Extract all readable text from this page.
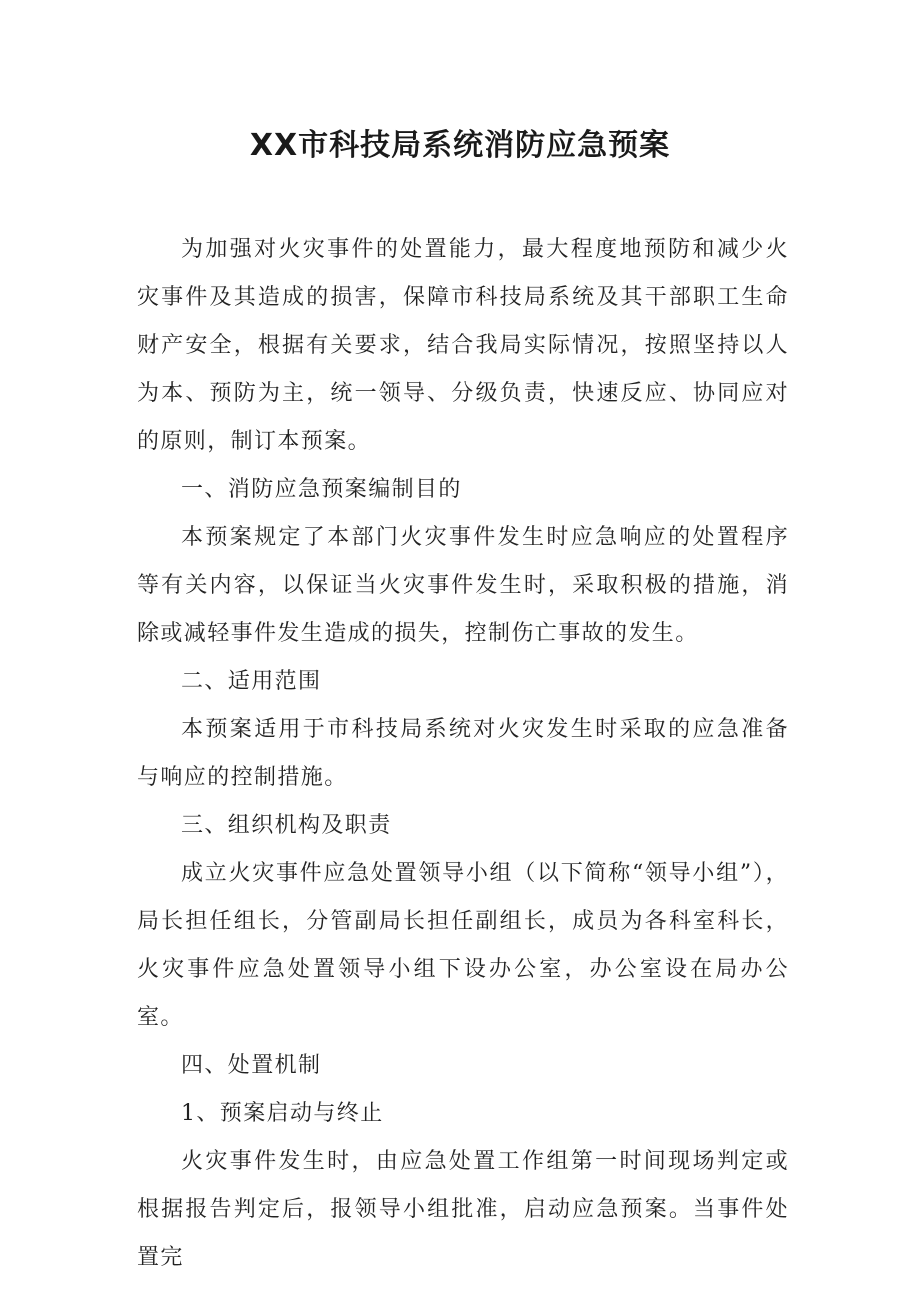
XX市科技局系统消防应急预案

为加强对火灾事件的处置能力，最大程度地预防和减少火灾事件及其造成的损害，保障市科技局系统及其干部职工生命财产安全，根据有关要求，结合我局实际情况，按照坚持以人为本、预防为主，统一领导、分级负责，快速反应、协同应对的原则，制订本预案。

一、消防应急预案编制目的

本预案规定了本部门火灾事件发生时应急响应的处置程序等有关内容，以保证当火灾事件发生时，采取积极的措施，消除或减轻事件发生造成的损失，控制伤亡事故的发生。

二、适用范围

本预案适用于市科技局系统对火灾发生时采取的应急准备与响应的控制措施。

三、组织机构及职责

成立火灾事件应急处置领导小组（以下简称“领导小组”），局长担任组长，分管副局长担任副组长，成员为各科室科长，火灾事件应急处置领导小组下设办公室，办公室设在局办公室。

四、处置机制

1、预案启动与终止

火灾事件发生时，由应急处置工作组第一时间现场判定或根据报告判定后，报领导小组批准，启动应急预案。当事件处置完
